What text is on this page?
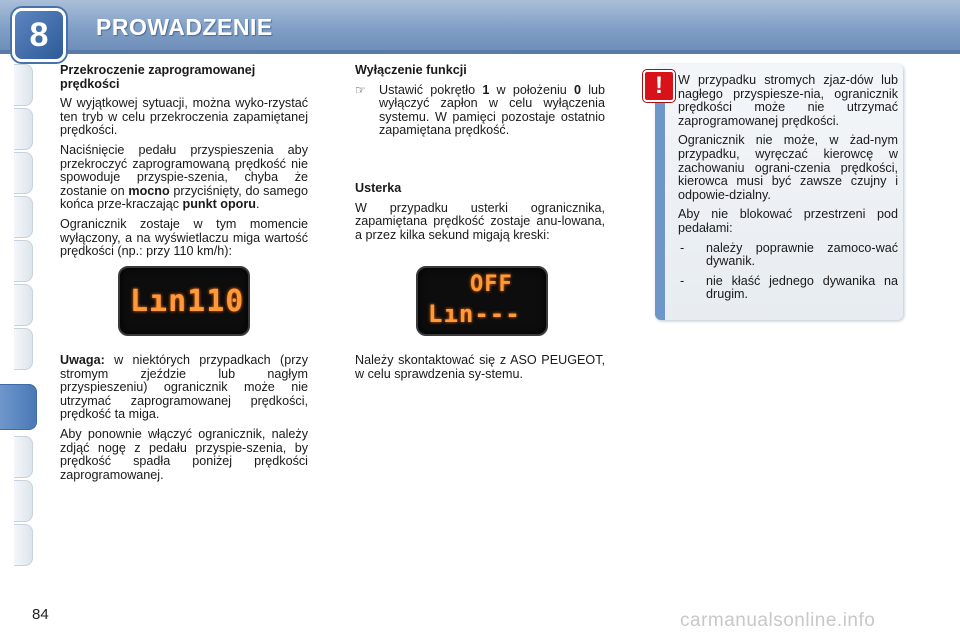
8	PROWADZENIE
Przekroczenie zaprogramowanej prędkości

W wyjątkowej sytuacji, można wyko-rzystać ten tryb w celu przekroczenia zapamiętanej prędkości.

Naciśnięcie pedału przyspieszenia aby przekroczyć zaprogramowaną prędkość nie spowoduje przyspie-szenia, chyba że zostanie on mocno przyciśnięty, do samego końca prze-kraczając punkt oporu.

Ogranicznik zostaje w tym momencie wyłączony, a na wyświetlaczu miga wartość prędkości (np.: przy 110 km/h):

Lın110

Uwaga: w niektórych przypadkach (przy stromym zjeździe lub nagłym przyspieszeniu) ogranicznik może nie utrzymać zaprogramowanej prędkości, prędkość ta miga.

Aby ponownie włączyć ogranicznik, należy zdjąć nogę z pedału przyspie-szenia, by prędkość spadła poniżej prędkości zaprogramowanej.

Wyłączenie funkcji
☞	Ustawić pokrętło 1 w położeniu 0 lub wyłączyć zapłon w celu wyłączenia systemu. W pamięci pozostaje ostatnio zapamiętana prędkość.
Usterka

W przypadku usterki ogranicznika, zapamiętana prędkość zostaje anu-lowana, a przez kilka sekund migają kreski:

OFF
Lın---

Należy skontaktować się z ASO PEUGEOT, w celu sprawdzenia sy-stemu.

!	W przypadku stromych zjaz-dów lub nagłego przyspiesze-nia, ogranicznik prędkości może nie utrzymać zaprogramowanej prędkości.

Ogranicznik nie może, w żad-nym przypadku, wyręczać kierowcę w zachowaniu ograni-czenia prędkości, kierowca musi być zawsze czujny i odpowie-dzialny.

Aby nie blokować przestrzeni pod pedałami:

-	należy poprawnie zamoco-wać dywanik.
-	nie kłaść jednego dywanika na drugim.
84	carmanualsonline.info
